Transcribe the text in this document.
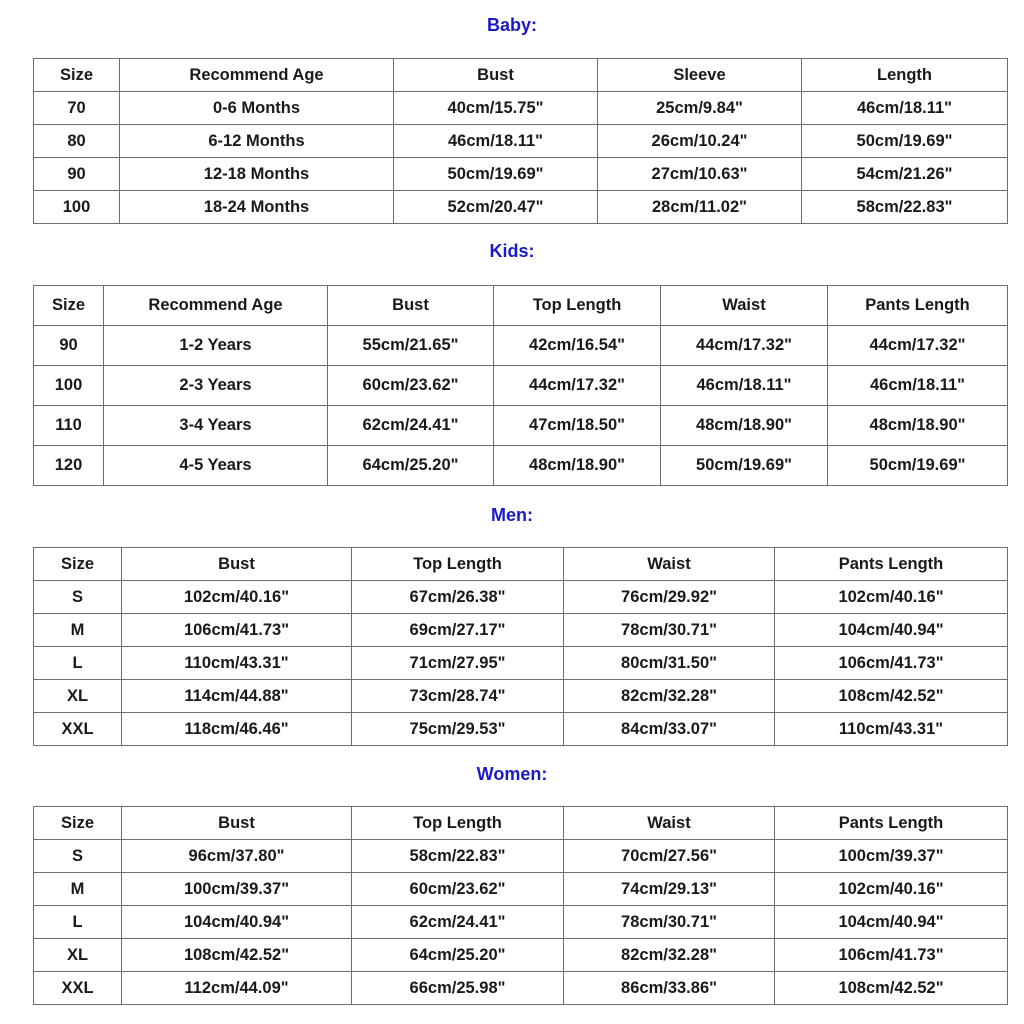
Baby:
Size	Recommend Age	Bust	Sleeve	Length
70	0-6 Months	40cm/15.75"	25cm/9.84"	46cm/18.11"
80	6-12 Months	46cm/18.11"	26cm/10.24"	50cm/19.69"
90	12-18 Months	50cm/19.69"	27cm/10.63"	54cm/21.26"
100	18-24 Months	52cm/20.47"	28cm/11.02"	58cm/22.83"
Kids:
Size	Recommend Age	Bust	Top Length	Waist	Pants Length
90	1-2 Years	55cm/21.65"	42cm/16.54"	44cm/17.32"	44cm/17.32"
100	2-3 Years	60cm/23.62"	44cm/17.32"	46cm/18.11"	46cm/18.11"
110	3-4 Years	62cm/24.41"	47cm/18.50"	48cm/18.90"	48cm/18.90"
120	4-5 Years	64cm/25.20"	48cm/18.90"	50cm/19.69"	50cm/19.69"
Men:
Size	Bust	Top Length	Waist	Pants Length
S	102cm/40.16"	67cm/26.38"	76cm/29.92"	102cm/40.16"
M	106cm/41.73"	69cm/27.17"	78cm/30.71"	104cm/40.94"
L	110cm/43.31"	71cm/27.95"	80cm/31.50"	106cm/41.73"
XL	114cm/44.88"	73cm/28.74"	82cm/32.28"	108cm/42.52"
XXL	118cm/46.46"	75cm/29.53"	84cm/33.07"	110cm/43.31"
Women:
Size	Bust	Top Length	Waist	Pants Length
S	96cm/37.80"	58cm/22.83"	70cm/27.56"	100cm/39.37"
M	100cm/39.37"	60cm/23.62"	74cm/29.13"	102cm/40.16"
L	104cm/40.94"	62cm/24.41"	78cm/30.71"	104cm/40.94"
XL	108cm/42.52"	64cm/25.20"	82cm/32.28"	106cm/41.73"
XXL	112cm/44.09"	66cm/25.98"	86cm/33.86"	108cm/42.52"
